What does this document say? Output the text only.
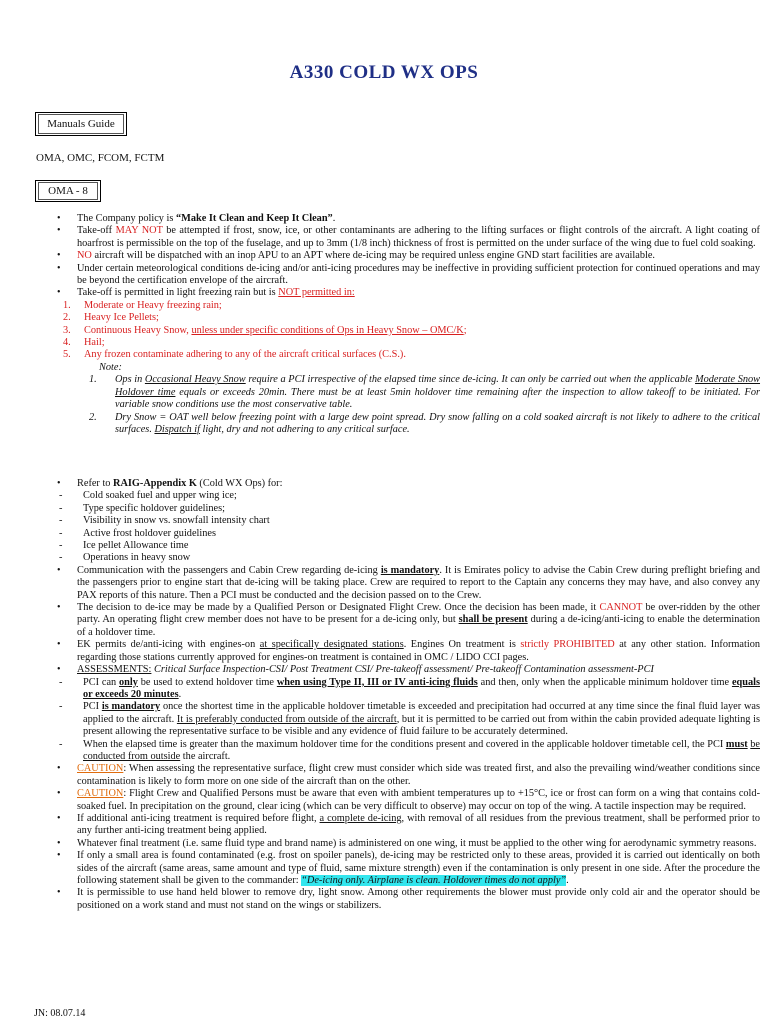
A330 COLD WX OPS
Manuals Guide
OMA, OMC, FCOM, FCTM
OMA - 8
• The Company policy is “Make It Clean and Keep It Clean”.
• Take-off MAY NOT be attempted if frost, snow, ice, or other contaminants are adhering to the lifting surfaces or flight controls of the aircraft. A light coating of hoarfrost is permissible on the top of the fuselage, and up to 3mm (1/8 inch) thickness of frost is permitted on the under surface of the wing due to fuel cold soaking.
• NO aircraft will be dispatched with an inop APU to an APT where de-icing may be required unless engine GND start facilities are available.
• Under certain meteorological conditions de-icing and/or anti-icing procedures may be ineffective in providing sufficient protection for continued operations and may be beyond the certification envelope of the aircraft.
• Take-off is permitted in light freezing rain but is NOT permitted in:
1. Moderate or Heavy freezing rain;
2. Heavy Ice Pellets;
3. Continuous Heavy Snow, unless under specific conditions of Ops in Heavy Snow – OMC/K;
4. Hail;
5. Any frozen contaminate adhering to any of the aircraft critical surfaces (C.S.).
Note:
1. Ops in Occasional Heavy Snow require a PCI irrespective of the elapsed time since de-icing. It can only be carried out when the applicable Moderate Snow Holdover time equals or exceeds 20min. There must be at least 5min holdover time remaining after the inspection to allow takeoff to be initiated. For variable snow conditions use the most conservative table.
2. Dry Snow = OAT well below freezing point with a large dew point spread. Dry snow falling on a cold soaked aircraft is not likely to adhere to the critical surfaces. Dispatch if light, dry and not adhering to any critical surface.
• Refer to RAIG-Appendix K (Cold WX Ops) for:
- Cold soaked fuel and upper wing ice;
- Type specific holdover guidelines;
- Visibility in snow vs. snowfall intensity chart
- Active frost holdover guidelines
- Ice pellet Allowance time
- Operations in heavy snow
• Communication with the passengers and Cabin Crew regarding de-icing is mandatory. It is Emirates policy to advise the Cabin Crew during preflight briefing and the passengers prior to engine start that de-icing will be taking place. Crew are required to report to the Captain any concerns they may have, and also convey any PAX reports of this nature. Then a PCI must be conducted and the decision passed on to the Crew.
• The decision to de-ice may be made by a Qualified Person or Designated Flight Crew. Once the decision has been made, it CANNOT be over-ridden by the other party. An operating flight crew member does not have to be present for a de-icing only, but shall be present during a de-icing/anti-icing to enable the determination of a holdover time.
• EK permits de/anti-icing with engines-on at specifically designated stations. Engines On treatment is strictly PROHIBITED at any other station. Information regarding those stations currently approved for engines-on treatment is contained in OMC / LIDO CCI pages.
• ASSESSMENTS: Critical Surface Inspection-CSI/ Post Treatment CSI/ Pre-takeoff assessment/ Pre-takeoff Contamination assessment-PCI
- PCI can only be used to extend holdover time when using Type II, III or IV anti-icing fluids and then, only when the applicable minimum holdover time equals or exceeds 20 minutes.
- PCI is mandatory once the shortest time in the applicable holdover timetable is exceeded and precipitation had occurred at any time since the final fluid layer was applied to the aircraft. It is preferably conducted from outside of the aircraft, but it is permitted to be carried out from within the cabin provided adequate lighting is present allowing the representative surface to be visible and any evidence of fluid failure to be accurately determined.
- When the elapsed time is greater than the maximum holdover time for the conditions present and covered in the applicable holdover timetable cell, the PCI must be conducted from outside the aircraft.
• CAUTION: When assessing the representative surface, flight crew must consider which side was treated first, and also the prevailing wind/weather conditions since contamination is likely to form more on one side of the aircraft than on the other.
• CAUTION: Flight Crew and Qualified Persons must be aware that even with ambient temperatures up to +15°C, ice or frost can form on a wing that contains cold-soaked fuel. In precipitation on the ground, clear icing (which can be very difficult to observe) may occur on top of the wing. A tactile inspection may be required.
• If additional anti-icing treatment is required before flight, a complete de-icing, with removal of all residues from the previous treatment, shall be performed prior to any further anti-icing treatment being applied.
• Whatever final treatment (i.e. same fluid type and brand name) is administered on one wing, it must be applied to the other wing for aerodynamic symmetry reasons.
• If only a small area is found contaminated (e.g. frost on spoiler panels), de-icing may be restricted only to these areas, provided it is carried out identically on both sides of the aircraft (same areas, same amount and type of fluid, same mixture strength) even if the contamination is only present in one side. After the procedure the following statement shall be given to the commander: “De-icing only. Airplane is clean. Holdover times do not apply”.
• It is permissible to use hand held blower to remove dry, light snow. Among other requirements the blower must provide only cold air and the operator should be positioned on a work stand and must not stand on the wings or stabilizers.
JN: 08.07.14
